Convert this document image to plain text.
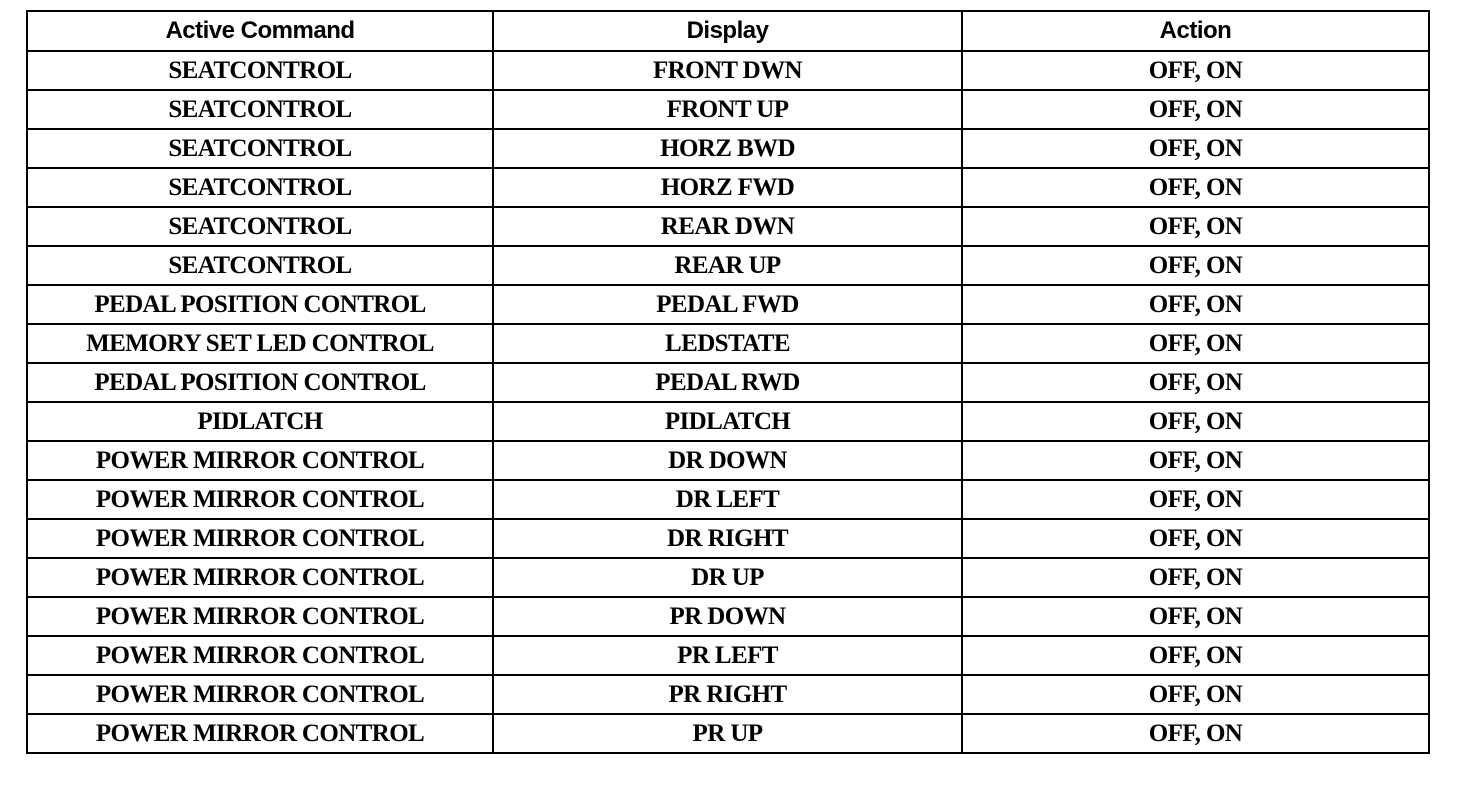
Active Command	Display	Action
SEATCONTROL	FRONT DWN	OFF, ON
SEATCONTROL	FRONT UP	OFF, ON
SEATCONTROL	HORZ BWD	OFF, ON
SEATCONTROL	HORZ FWD	OFF, ON
SEATCONTROL	REAR DWN	OFF, ON
SEATCONTROL	REAR UP	OFF, ON
PEDAL POSITION CONTROL	PEDAL FWD	OFF, ON
MEMORY SET LED CONTROL	LEDSTATE	OFF, ON
PEDAL POSITION CONTROL	PEDAL RWD	OFF, ON
PIDLATCH	PIDLATCH	OFF, ON
POWER MIRROR CONTROL	DR DOWN	OFF, ON
POWER MIRROR CONTROL	DR LEFT	OFF, ON
POWER MIRROR CONTROL	DR RIGHT	OFF, ON
POWER MIRROR CONTROL	DR UP	OFF, ON
POWER MIRROR CONTROL	PR DOWN	OFF, ON
POWER MIRROR CONTROL	PR LEFT	OFF, ON
POWER MIRROR CONTROL	PR RIGHT	OFF, ON
POWER MIRROR CONTROL	PR UP	OFF, ON
